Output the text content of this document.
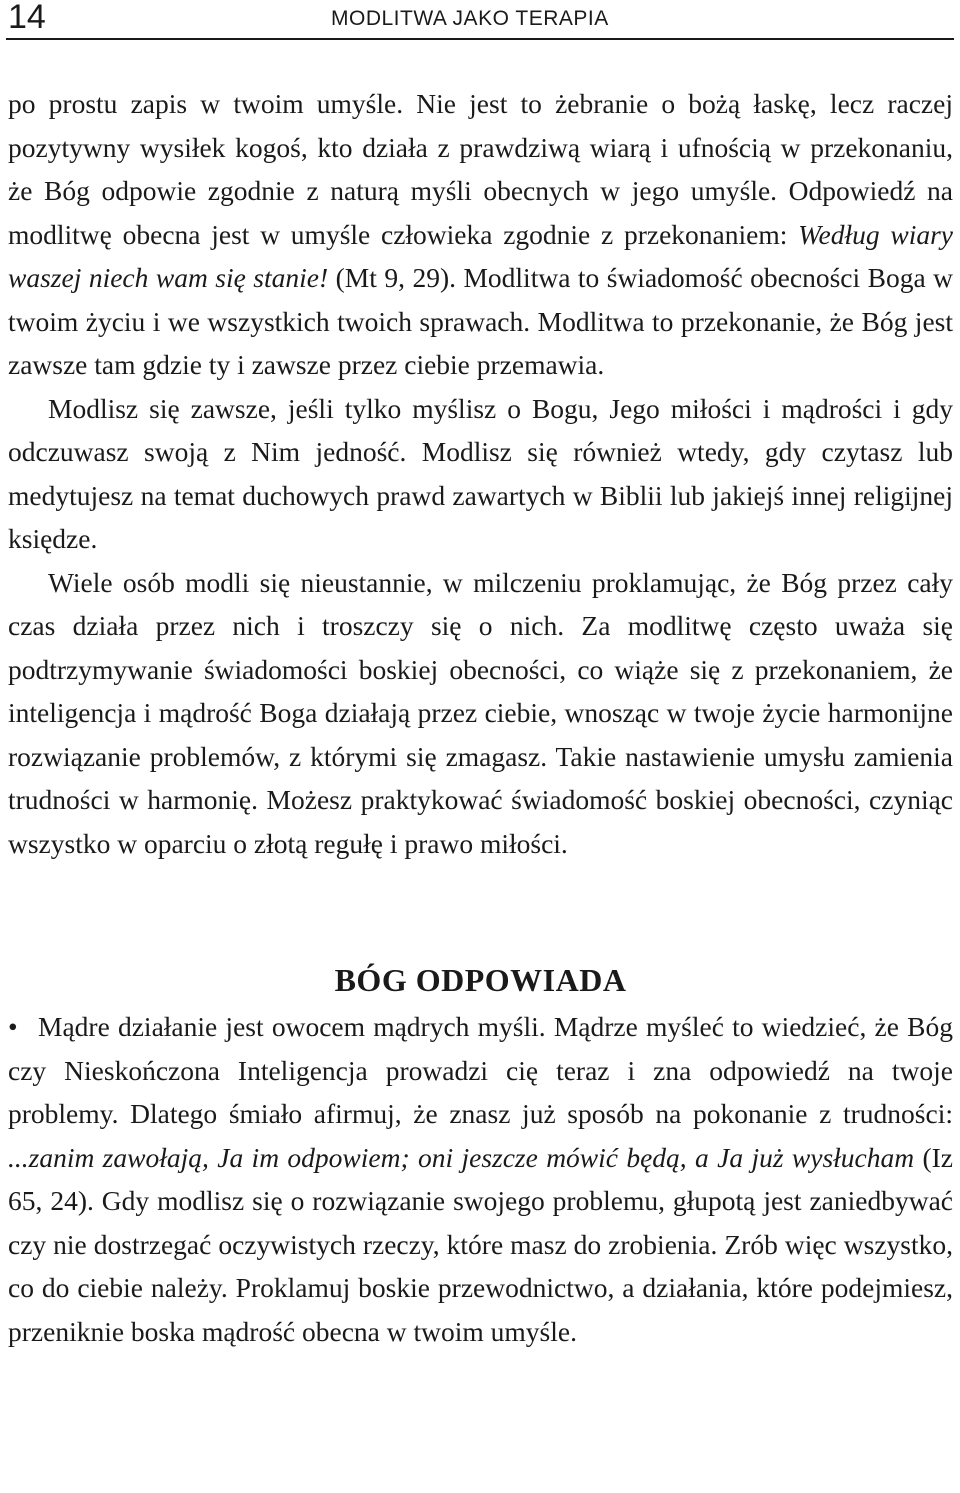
14	MODLITWA JAKO TERAPIA

po prostu zapis w twoim umyśle. Nie jest to żebranie o bożą łaskę, lecz raczej pozytywny wysiłek kogoś, kto działa z prawdziwą wiarą i ufnością w przekonaniu, że Bóg odpowie zgodnie z naturą myśli obecnych w jego umyśle. Odpowiedź na modlitwę obecna jest w umyśle człowieka zgodnie z przekonaniem: Według wiary waszej niech wam się stanie! (Mt 9, 29). Modlitwa to świadomość obecności Boga w twoim życiu i we wszystkich twoich sprawach. Modlitwa to przekonanie, że Bóg jest zawsze tam gdzie ty i zawsze przez ciebie przemawia.

Modlisz się zawsze, jeśli tylko myślisz o Bogu, Jego miłości i mądrości i gdy odczuwasz swoją z Nim jedność. Modlisz się również wtedy, gdy czytasz lub medytujesz na temat duchowych prawd zawartych w Biblii lub jakiejś innej religijnej księdze.

Wiele osób modli się nieustannie, w milczeniu proklamując, że Bóg przez cały czas działa przez nich i troszczy się o nich. Za modlitwę często uważa się podtrzymywanie świadomości boskiej obecności, co wiąże się z przekonaniem, że inteligencja i mądrość Boga działają przez ciebie, wnosząc w twoje życie harmonijne rozwiązanie problemów, z którymi się zmagasz. Takie nastawienie umysłu zamienia trudności w harmonię. Możesz praktykować świadomość boskiej obecności, czyniąc wszystko w oparciu o złotą regułę i prawo miłości.

BÓG ODPOWIADA

• Mądre działanie jest owocem mądrych myśli. Mądrze myśleć to wiedzieć, że Bóg czy Nieskończona Inteligencja prowadzi cię teraz i zna odpowiedź na twoje problemy. Dlatego śmiało afirmuj, że znasz już sposób na pokonanie z trudności: ...zanim zawołają, Ja im odpowiem; oni jeszcze mówić będą, a Ja już wysłucham (Iz 65, 24). Gdy modlisz się o rozwiązanie swojego problemu, głupotą jest zaniedbywać czy nie dostrzegać oczywistych rzeczy, które masz do zrobienia. Zrób więc wszystko, co do ciebie należy. Proklamuj boskie przewodnictwo, a działania, które podejmiesz, przeniknie boska mądrość obecna w twoim umyśle.
